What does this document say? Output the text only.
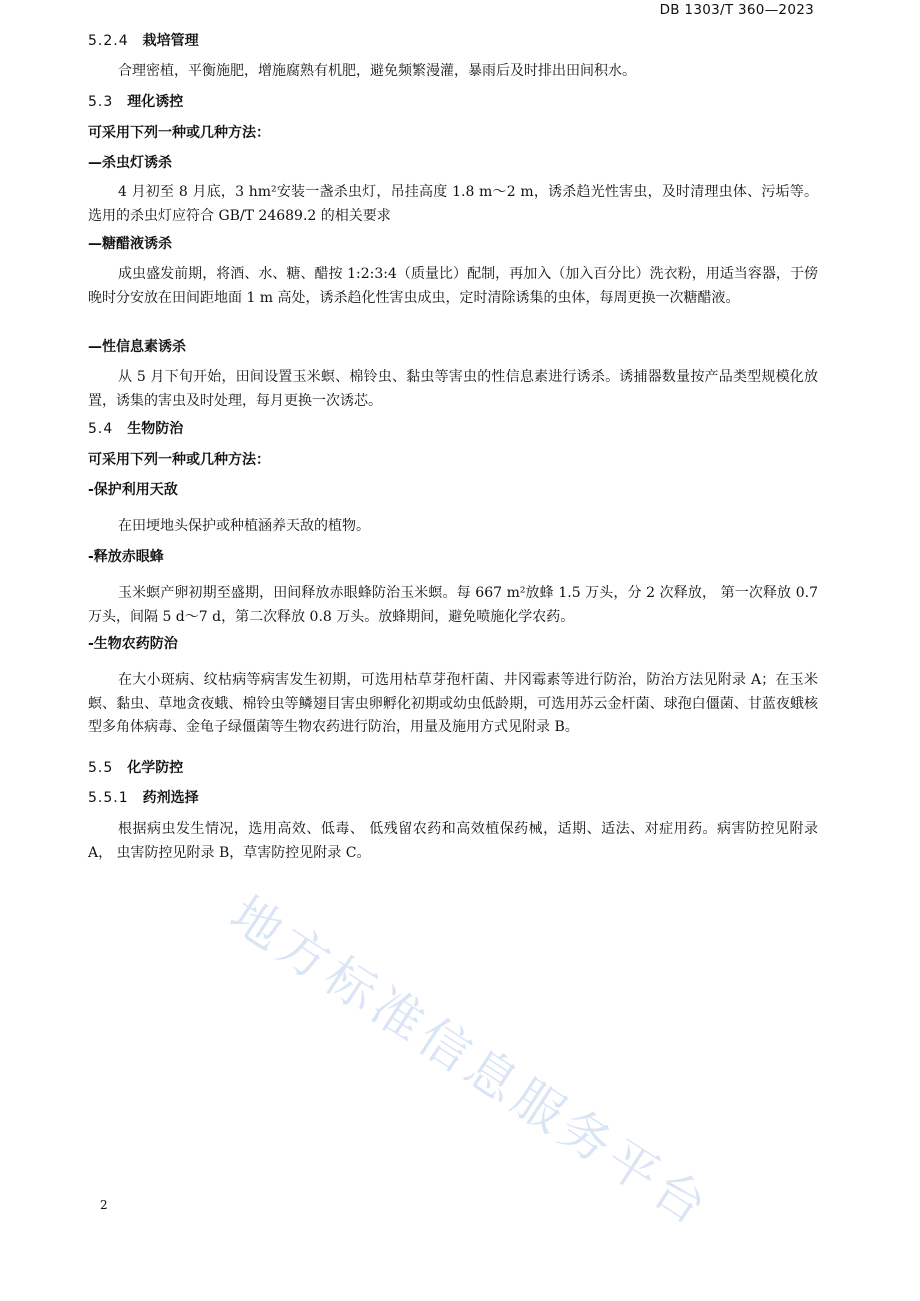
DB 1303/T 360—2023
5.2.4 栽培管理

合理密植，平衡施肥，增施腐熟有机肥，避免频繁漫灌，暴雨后及时排出田间积水。

5.3 理化诱控
可采用下列一种或几种方法：
—杀虫灯诱杀

4 月初至 8 月底，3 hm²安装一盏杀虫灯，吊挂高度 1.8 m～2 m，诱杀趋光性害虫，及时清理虫体、污垢等。选用的杀虫灯应符合 GB/T 24689.2 的相关要求

—糖醋液诱杀

成虫盛发前期，将酒、水、糖、醋按 1:2:3:4（质量比）配制，再加入（加入百分比）洗衣粉，用适当容器，于傍晚时分安放在田间距地面 1 m 高处，诱杀趋化性害虫成虫，定时清除诱集的虫体，每周更换一次糖醋液。

—性信息素诱杀

从 5 月下旬开始，田间设置玉米螟、棉铃虫、黏虫等害虫的性信息素进行诱杀。诱捕器数量按产品类型规模化放置，诱集的害虫及时处理，每月更换一次诱芯。

5.4 生物防治
可采用下列一种或几种方法：
-保护利用天敌

在田埂地头保护或种植涵养天敌的植物。

-释放赤眼蜂

玉米螟产卵初期至盛期，田间释放赤眼蜂防治玉米螟。每 667 m²放蜂 1.5 万头，分 2 次释放， 第一次释放 0.7 万头，间隔 5 d～7 d，第二次释放 0.8 万头。放蜂期间，避免喷施化学农药。

-生物农药防治

在大小斑病、纹枯病等病害发生初期，可选用枯草芽孢杆菌、井冈霉素等进行防治，防治方法见附录 A；在玉米螟、黏虫、草地贪夜蛾、棉铃虫等鳞翅目害虫卵孵化初期或幼虫低龄期，可选用苏云金杆菌、球孢白僵菌、甘蓝夜蛾核型多角体病毒、金龟子绿僵菌等生物农药进行防治，用量及施用方式见附录 B。

5.5 化学防控
5.5.1 药剂选择

根据病虫发生情况，选用高效、低毒、 低残留农药和高效植保药械，适期、适法、对症用药。病害防控见附录 A， 虫害防控见附录 B，草害防控见附录 C。

地方标准信息服务平台
2
